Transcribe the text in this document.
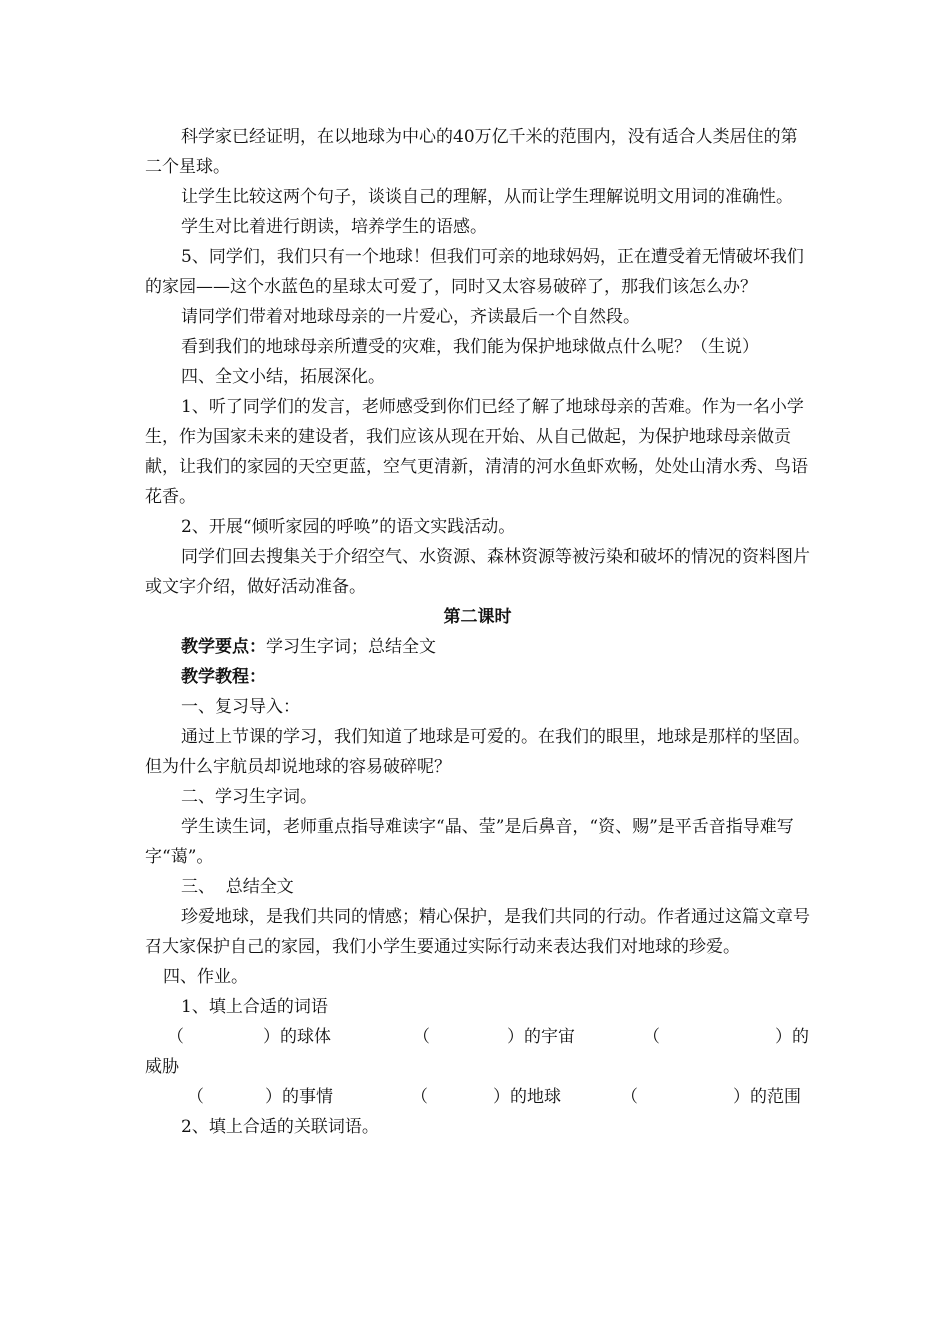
科学家已经证明，在以地球为中心的40万亿千米的范围内，没有适合人类居住的第二个星球。

让学生比较这两个句子，谈谈自己的理解，从而让学生理解说明文用词的准确性。

学生对比着进行朗读，培养学生的语感。

5、同学们，我们只有一个地球！但我们可亲的地球妈妈，正在遭受着无情破坏我们的家园——这个水蓝色的星球太可爱了，同时又太容易破碎了，那我们该怎么办？

请同学们带着对地球母亲的一片爱心，齐读最后一个自然段。

看到我们的地球母亲所遭受的灾难，我们能为保护地球做点什么呢？（生说）

四、全文小结，拓展深化。

1、听了同学们的发言，老师感受到你们已经了解了地球母亲的苦难。作为一名小学生，作为国家未来的建设者，我们应该从现在开始、从自己做起，为保护地球母亲做贡献，让我们的家园的天空更蓝，空气更清新，清清的河水鱼虾欢畅，处处山清水秀、鸟语花香。

2、开展“倾听家园的呼唤”的语文实践活动。

同学们回去搜集关于介绍空气、水资源、森林资源等被污染和破坏的情况的资料图片或文字介绍，做好活动准备。

第二课时

教学要点：学习生字词；总结全文

教学教程：

一、复习导入：

通过上节课的学习，我们知道了地球是可爱的。在我们的眼里，地球是那样的坚固。但为什么宇航员却说地球的容易破碎呢？

二、学习生字词。

学生读生词，老师重点指导难读字“晶、莹”是后鼻音，“资、赐”是平舌音指导难写字“蔼”。

三、  总结全文

珍爱地球，是我们共同的情感；精心保护，是我们共同的行动。作者通过这篇文章号召大家保护自己的家园，我们小学生要通过实际行动来表达我们对地球的珍爱。

四、作业。

1、填上合适的词语

（	）的球体	（	）的宇宙	（	）的

威胁

（	）的事情	（	）的地球	（	）的范围

2、填上合适的关联词语。
